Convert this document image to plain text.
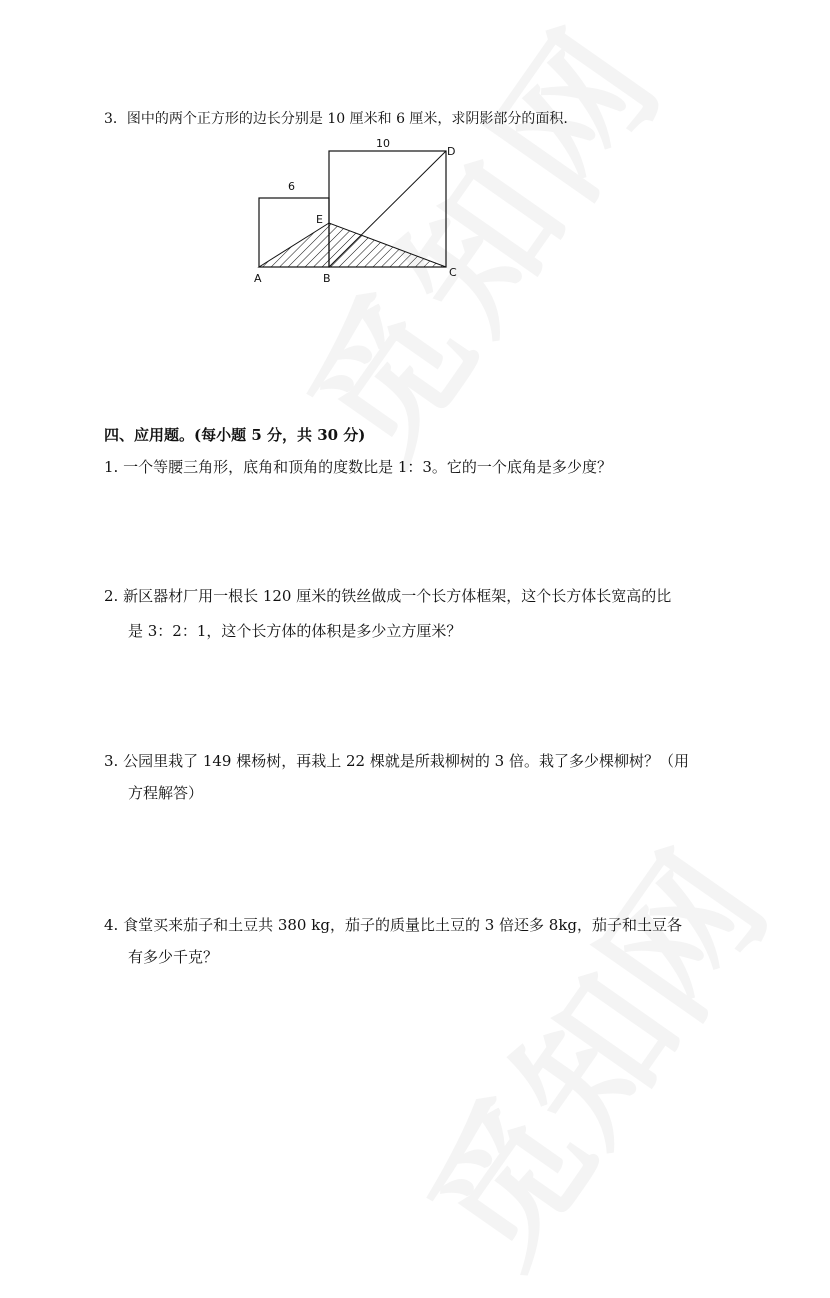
3．图中的两个正方形的边长分别是 10 厘米和 6 厘米，求阴影部分的面积.
6
10
A	B	C
D
E
四、应用题。(每小题 5 分，共 30 分)
1. 一个等腰三角形，底角和顶角的度数比是 1：3。它的一个底角是多少度？
2. 新区器材厂用一根长 120 厘米的铁丝做成一个长方体框架，这个长方体长宽高的比
是 3：2：1，这个长方体的体积是多少立方厘米？
3. 公园里栽了 149 棵杨树，再栽上 22 棵就是所栽柳树的 3 倍。栽了多少棵柳树？（用
方程解答）
4. 食堂买来茄子和土豆共 380 kg，茄子的质量比土豆的 3 倍还多 8kg，茄子和土豆各
有多少千克？
